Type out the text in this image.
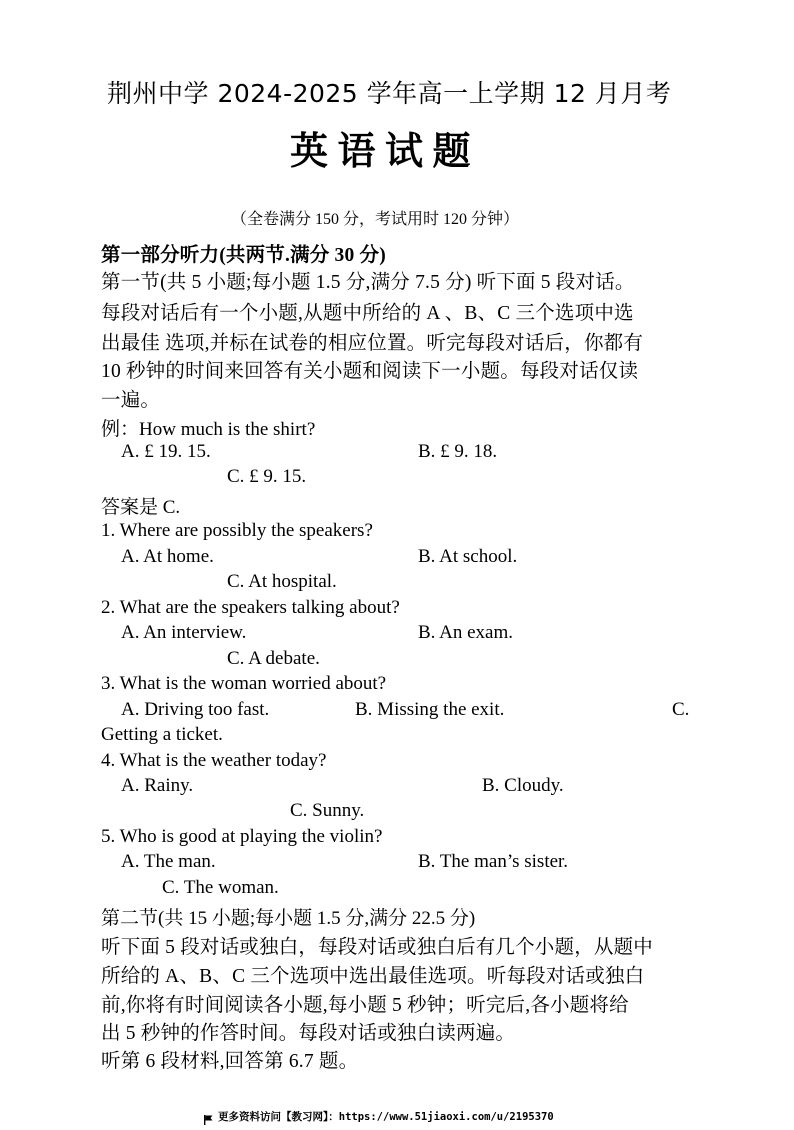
荆州中学 2024-2025 学年高一上学期 12 月月考
英 语 试 题
（全卷满分 150 分，考试用时 120 分钟）
第一部分听力(共两节.满分 30 分)
第一节(共 5 小题;每小题 1.5 分,满分 7.5 分) 听下面 5 段对话。
每段对话后有一个小题,从题中所给的 A 、B、C 三个选项中选
出最佳 选项,并标在试卷的相应位置。听完每段对话后，你都有
10 秒钟的时间来回答有关小题和阅读下一小题。每段对话仅读
一遍。
例：How much is the shirt?
A. £ 19. 15.	B. £ 9. 18.
C. £ 9. 15.
答案是 C.
1. Where are possibly the speakers?
A. At home.	B. At school.
C. At hospital.
2. What are the speakers talking about?
A. An interview.	B. An exam.
C. A debate.
3. What is the woman worried about?
A. Driving too fast.	B. Missing the exit.	C.
Getting a ticket.
4. What is the weather today?
A. Rainy.	B. Cloudy.
C. Sunny.
5. Who is good at playing the violin?
A. The man.	B. The man’s sister.
C. The woman.
第二节(共 15 小题;每小题 1.5 分,满分 22.5 分)
听下面 5 段对话或独白，每段对话或独白后有几个小题，从题中
所给的 A、B、C 三个选项中选出最佳选项。听每段对话或独白
前,你将有时间阅读各小题,每小题 5 秒钟；听完后,各小题将给
出 5 秒钟的作答时间。每段对话或独白读两遍。
听第 6 段材料,回答第 6.7 题。
更多资料访问【教习网】：https://www.51jiaoxi.com/u/2195370
